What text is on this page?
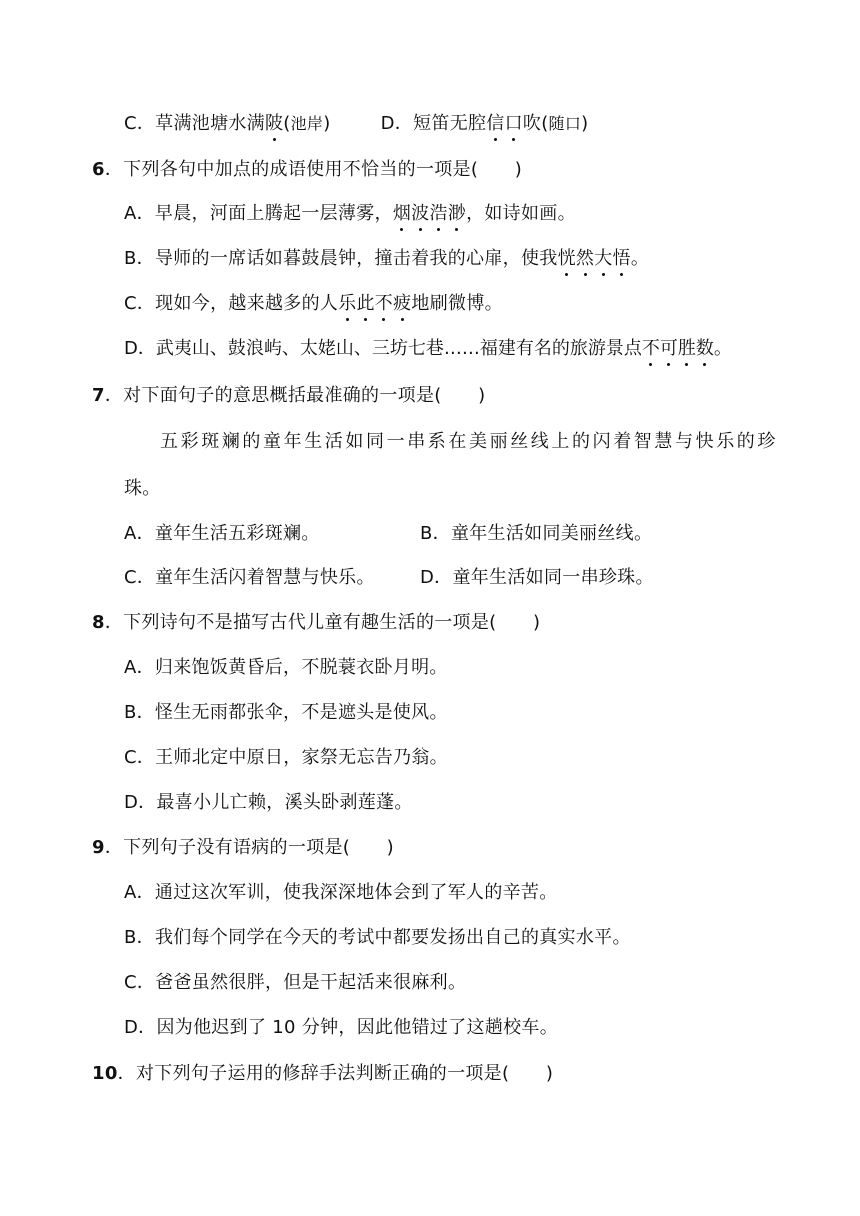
C．草满池塘水满陂(池岸)	D．短笛无腔信口吹(随口)
6．下列各句中加点的成语使用不恰当的一项是(　　)
A．早晨，河面上腾起一层薄雾，烟波浩渺，如诗如画。
B．导师的一席话如暮鼓晨钟，撞击着我的心扉，使我恍然大悟。
C．现如今，越来越多的人乐此不疲地刷微博。
D．武夷山、鼓浪屿、太姥山、三坊七巷……福建有名的旅游景点不可胜数。
7．对下面句子的意思概括最准确的一项是(　　)
五彩斑斓的童年生活如同一串系在美丽丝线上的闪着智慧与快乐的珍
珠。
A．童年生活五彩斑斓。	B．童年生活如同美丽丝线。
C．童年生活闪着智慧与快乐。	D．童年生活如同一串珍珠。
8．下列诗句不是描写古代儿童有趣生活的一项是(　　)
A．归来饱饭黄昏后，不脱蓑衣卧月明。
B．怪生无雨都张伞，不是遮头是使风。
C．王师北定中原日，家祭无忘告乃翁。
D．最喜小儿亡赖，溪头卧剥莲蓬。
9．下列句子没有语病的一项是(　　)
A．通过这次军训，使我深深地体会到了军人的辛苦。
B．我们每个同学在今天的考试中都要发扬出自己的真实水平。
C．爸爸虽然很胖，但是干起活来很麻利。
D．因为他迟到了 10 分钟，因此他错过了这趟校车。
10．对下列句子运用的修辞手法判断正确的一项是(　　)
